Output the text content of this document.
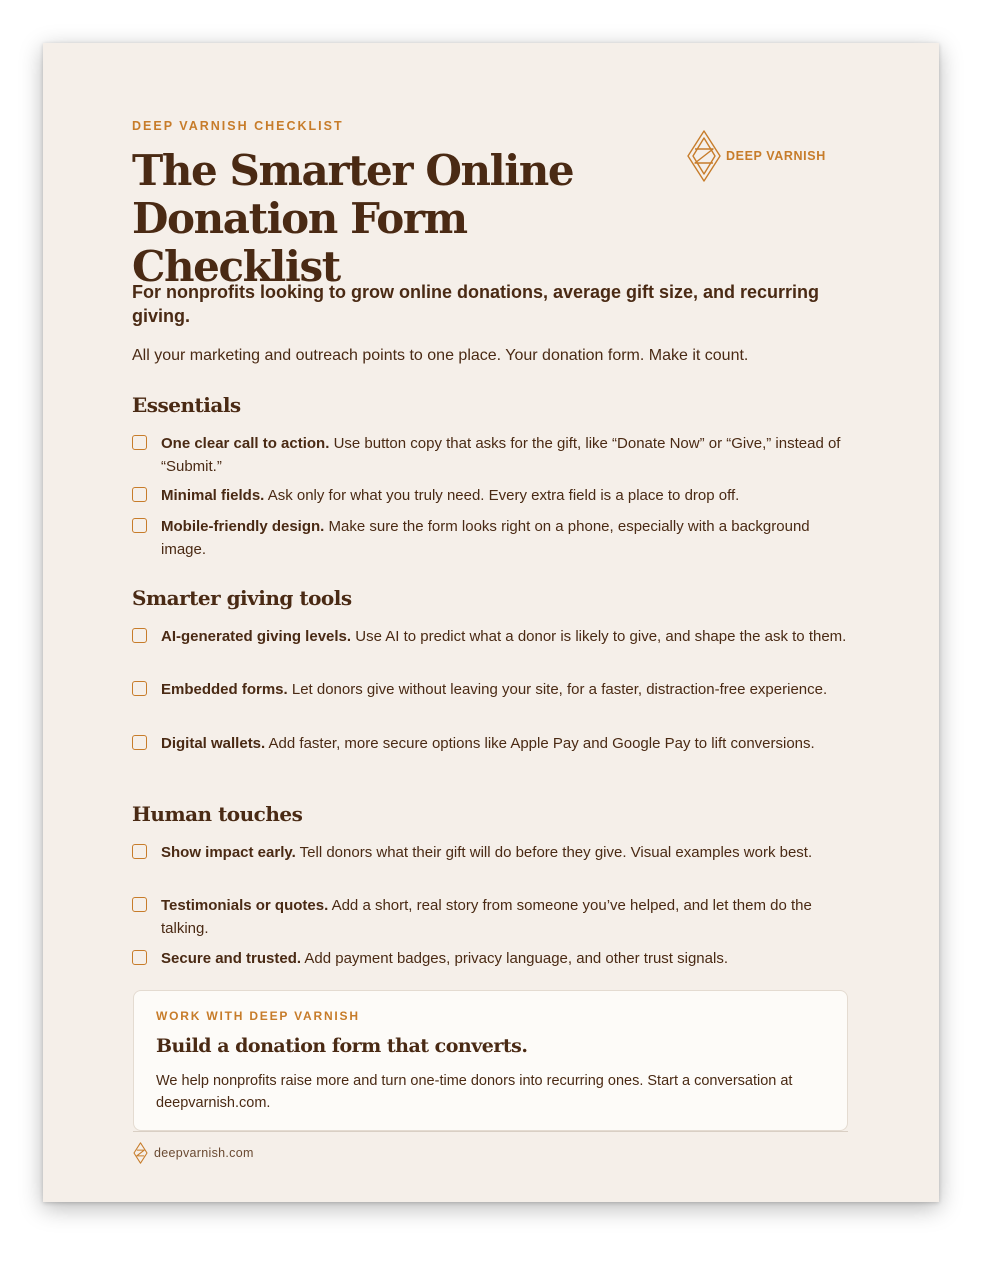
DEEP VARNISH CHECKLIST
The Smarter Online
Donation Form Checklist
DEEP VARNISH

For nonprofits looking to grow online donations, average gift size, and recurring giving.

All your marketing and outreach points to one place. Your donation form. Make it count.

Essentials
One clear call to action. Use button copy that asks for the gift, like “Donate Now” or “Give,” instead of “Submit.”
Minimal fields. Ask only for what you truly need. Every extra field is a place to drop off.
Mobile-friendly design. Make sure the form looks right on a phone, especially with a background image.
Smarter giving tools
AI-generated giving levels. Use AI to predict what a donor is likely to give, and shape the ask to them.
Embedded forms. Let donors give without leaving your site, for a faster, distraction-free experience.
Digital wallets. Add faster, more secure options like Apple Pay and Google Pay to lift conversions.
Human touches
Show impact early. Tell donors what their gift will do before they give. Visual examples work best.
Testimonials or quotes. Add a short, real story from someone you’ve helped, and let them do the talking.
Secure and trusted. Add payment badges, privacy language, and other trust signals.
WORK WITH DEEP VARNISH
Build a donation form that converts.

We help nonprofits raise more and turn one-time donors into recurring ones. Start a conversation at deepvarnish.com.

deepvarnish.com
